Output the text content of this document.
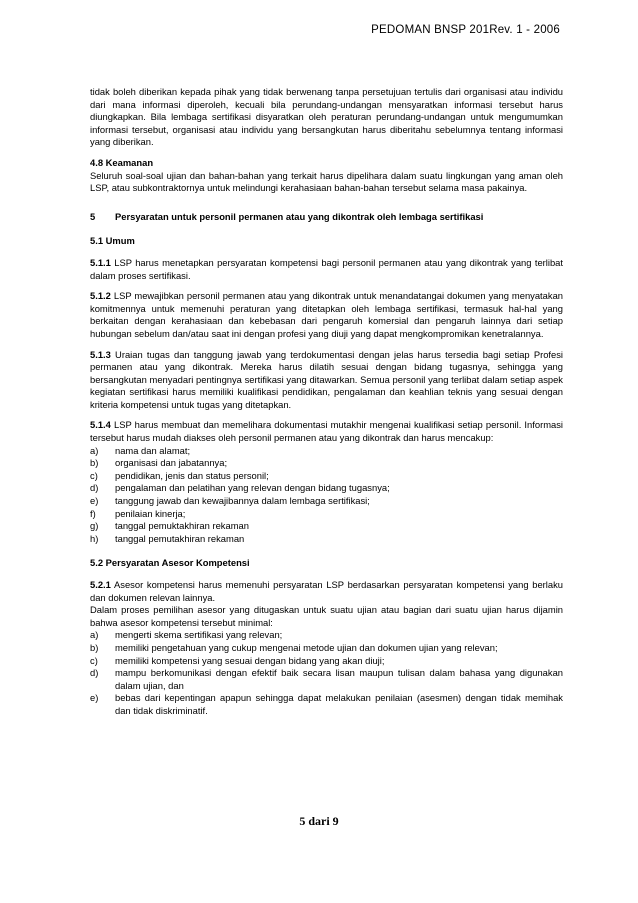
PEDOMAN BNSP 201Rev. 1 - 2006

tidak boleh diberikan kepada pihak yang tidak berwenang tanpa persetujuan tertulis dari organisasi atau individu dari mana informasi diperoleh, kecuali bila perundang-undangan mensyaratkan informasi tersebut harus diungkapkan. Bila lembaga sertifikasi disyaratkan oleh peraturan perundang-undangan untuk mengumumkan informasi tersebut, organisasi atau individu yang bersangkutan harus diberitahu sebelumnya tentang informasi yang diberikan.

4.8 Keamanan

Seluruh soal-soal ujian dan bahan-bahan yang terkait harus dipelihara dalam suatu lingkungan yang aman oleh LSP, atau subkontraktornya untuk melindungi kerahasiaan bahan-bahan tersebut selama masa pakainya.

5	Persyaratan untuk personil permanen atau yang dikontrak oleh lembaga sertifikasi
5.1 Umum

5.1.1 LSP harus menetapkan persyaratan kompetensi bagi personil permanen atau yang dikontrak yang terlibat dalam proses sertifikasi.

5.1.2 LSP mewajibkan personil permanen atau yang dikontrak untuk menandatangai dokumen yang menyatakan komitmennya untuk memenuhi peraturan yang ditetapkan oleh lembaga sertifikasi, termasuk hal-hal yang berkaitan dengan kerahasiaan dan kebebasan dari pengaruh komersial dan pengaruh lainnya dari setiap hubungan sebelum dan/atau saat ini dengan profesi yang diuji yang dapat mengkompromikan kenetralannya.

5.1.3 Uraian tugas dan tanggung jawab yang terdokumentasi dengan jelas harus tersedia bagi setiap Profesi permanen atau yang dikontrak. Mereka harus dilatih sesuai dengan bidang tugasnya, sehingga yang bersangkutan menyadari pentingnya sertifikasi yang ditawarkan. Semua personil yang terlibat dalam setiap aspek kegiatan sertifikasi harus memiliki kualifikasi pendidikan, pengalaman dan keahlian teknis yang sesuai dengan kriteria kompetensi untuk tugas yang ditetapkan.

5.1.4 LSP harus membuat dan memelihara dokumentasi mutakhir mengenai kualifikasi setiap personil. Informasi tersebut harus mudah diakses oleh personil permanen atau yang dikontrak dan harus mencakup:

a)	nama dan alamat;
b)	organisasi dan jabatannya;
c)	pendidikan, jenis dan status personil;
d)	pengalaman dan pelatihan yang relevan dengan bidang tugasnya;
e)	tanggung jawab dan kewajibannya dalam lembaga sertifikasi;
f)	penilaian kinerja;
g)	tanggal pemuktakhiran rekaman
h)	tanggal pemutakhiran rekaman
5.2 Persyaratan Asesor Kompetensi

5.2.1 Asesor kompetensi harus memenuhi persyaratan LSP berdasarkan persyaratan kompetensi yang berlaku dan dokumen relevan lainnya.

Dalam proses pemilihan asesor yang ditugaskan untuk suatu ujian atau bagian dari suatu ujian harus dijamin bahwa asesor kompetensi tersebut minimal:

a)	mengerti skema sertifikasi yang relevan;
b)	memiliki pengetahuan yang cukup mengenai metode ujian dan dokumen ujian yang relevan;
c)	memiliki kompetensi yang sesuai dengan bidang yang akan diuji;
d)	mampu berkomunikasi dengan efektif baik secara lisan maupun tulisan dalam bahasa yang digunakan dalam ujian, dan
e)	bebas dari kepentingan apapun sehingga dapat melakukan penilaian (asesmen) dengan tidak memihak dan tidak diskriminatif.
5 dari 9
